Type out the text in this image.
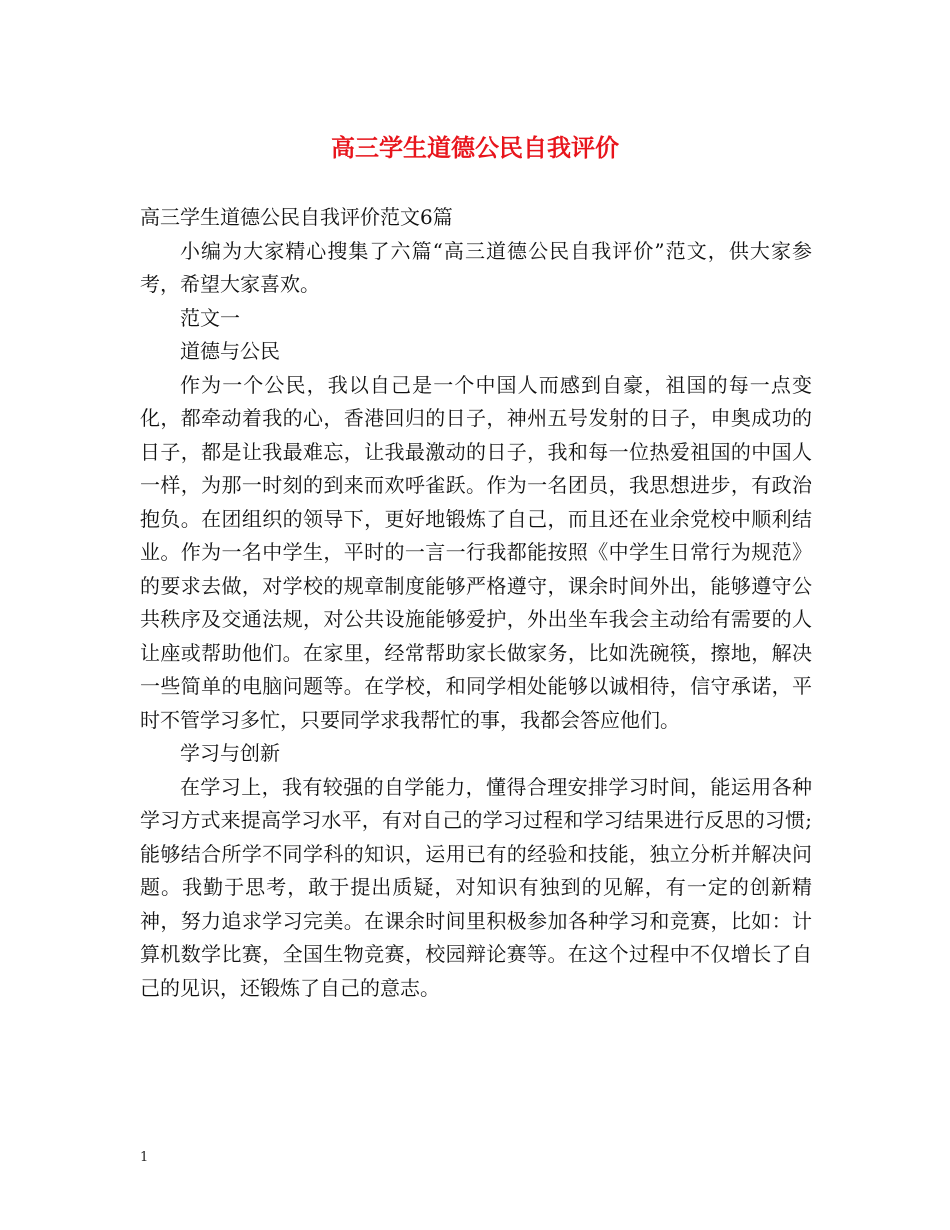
高三学生道德公民自我评价

高三学生道德公民自我评价范文6篇

小编为大家精心搜集了六篇“高三道德公民自我评价”范文，供大家参考，希望大家喜欢。

范文一

道德与公民

作为一个公民，我以自己是一个中国人而感到自豪，祖国的每一点变化，都牵动着我的心，香港回归的日子，神州五号发射的日子，申奥成功的日子，都是让我最难忘，让我最激动的日子，我和每一位热爱祖国的中国人一样，为那一时刻的到来而欢呼雀跃。作为一名团员，我思想进步，有政治抱负。在团组织的领导下，更好地锻炼了自己，而且还在业余党校中顺利结业。作为一名中学生，平时的一言一行我都能按照《中学生日常行为规范》的要求去做，对学校的规章制度能够严格遵守，课余时间外出，能够遵守公共秩序及交通法规，对公共设施能够爱护，外出坐车我会主动给有需要的人让座或帮助他们。在家里，经常帮助家长做家务，比如洗碗筷，擦地，解决一些简单的电脑问题等。在学校，和同学相处能够以诚相待，信守承诺，平时不管学习多忙，只要同学求我帮忙的事，我都会答应他们。

学习与创新

在学习上，我有较强的自学能力，懂得合理安排学习时间，能运用各种学习方式来提高学习水平，有对自己的学习过程和学习结果进行反思的习惯;能够结合所学不同学科的知识，运用已有的经验和技能，独立分析并解决问题。我勤于思考，敢于提出质疑，对知识有独到的见解，有一定的创新精神，努力追求学习完美。在课余时间里积极参加各种学习和竞赛，比如：计算机数学比赛，全国生物竞赛，校园辩论赛等。在这个过程中不仅增长了自己的见识，还锻炼了自己的意志。

1
